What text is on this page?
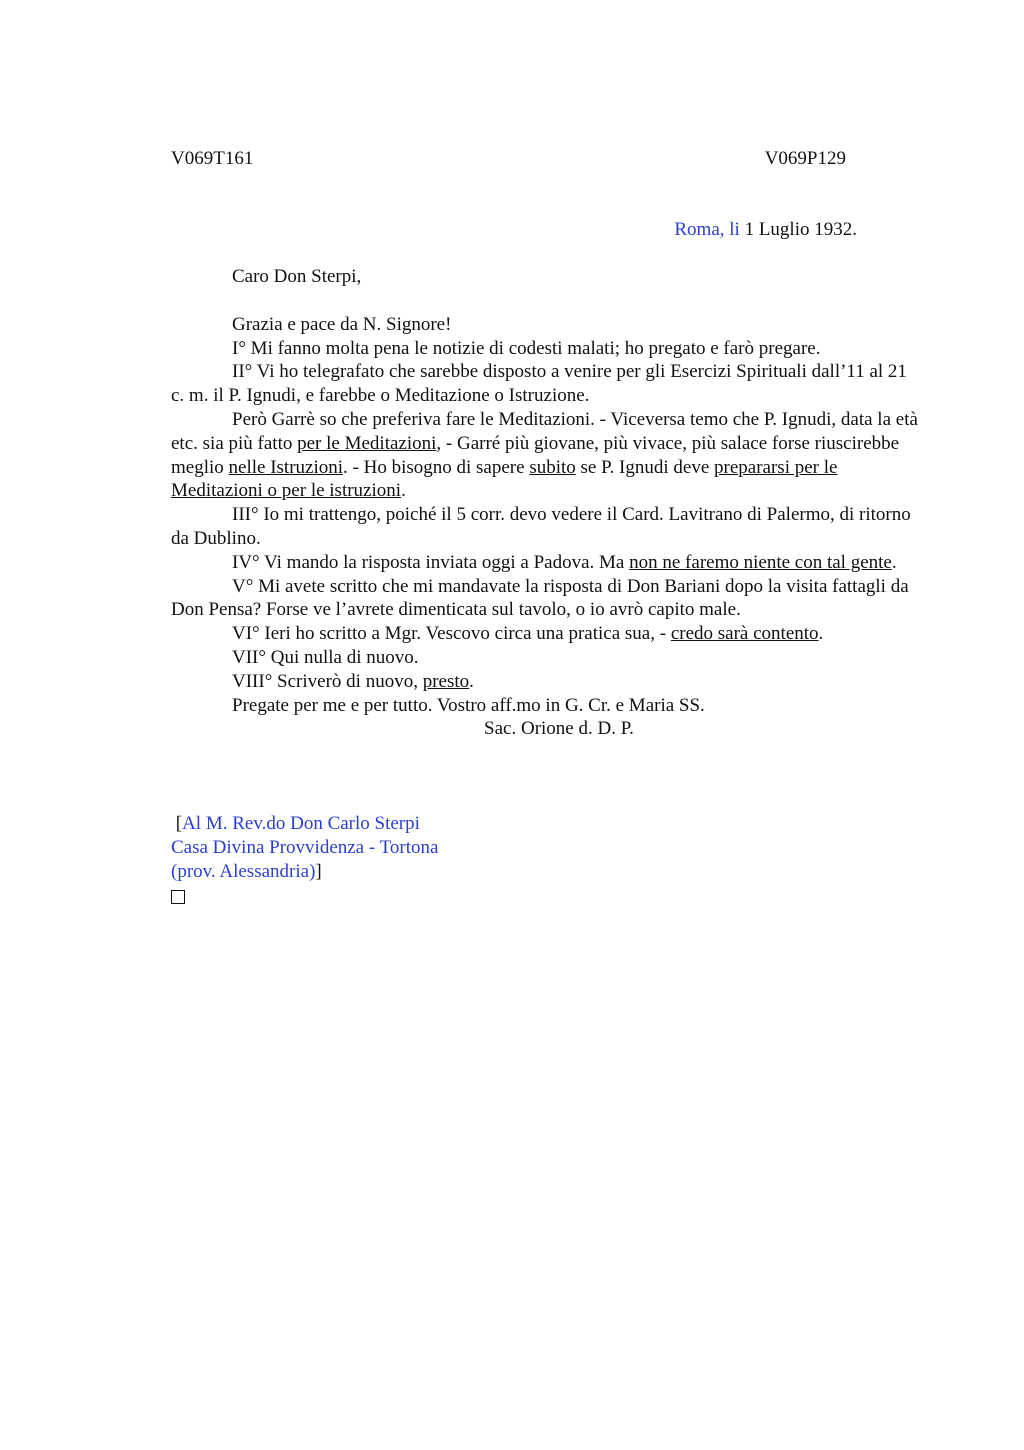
V069T161	V069P129
Roma, li 1 Luglio 1932.

Caro Don Sterpi,

Grazia e pace da N. Signore!

I° Mi fanno molta pena le notizie di codesti malati; ho pregato e farò pregare.

II° Vi ho telegrafato che sarebbe disposto a venire per gli Esercizi Spirituali dall’11 al 21 c. m. il P. Ignudi, e farebbe o Meditazione o Istruzione.

Però Garrè so che preferiva fare le Meditazioni. - Viceversa temo che P. Ignudi, data la età etc. sia più fatto per le Meditazioni, - Garré più giovane, più vivace, più salace forse riuscirebbe meglio nelle Istruzioni. - Ho bisogno di sapere subito se P. Ignudi deve prepararsi per le Meditazioni o per le istruzioni.

III° Io mi trattengo, poiché il 5 corr. devo vedere il Card. Lavitrano di Palermo, di ritorno da Dublino.

IV° Vi mando la risposta inviata oggi a Padova. Ma non ne faremo niente con tal gente.

V° Mi avete scritto che mi mandavate la risposta di Don Bariani dopo la visita fattagli da Don Pensa? Forse ve l’avrete dimenticata sul tavolo, o io avrò capito male.

VI° Ieri ho scritto a Mgr. Vescovo circa una pratica sua, - credo sarà contento.

VII° Qui nulla di nuovo.

VIII° Scriverò di nuovo, presto.

Pregate per me e per tutto. Vostro aff.mo in G. Cr. e Maria SS.

Sac. Orione d. D. P.

[Al M. Rev.do Don Carlo Sterpi
Casa Divina Provvidenza - Tortona
(prov. Alessandria)]
